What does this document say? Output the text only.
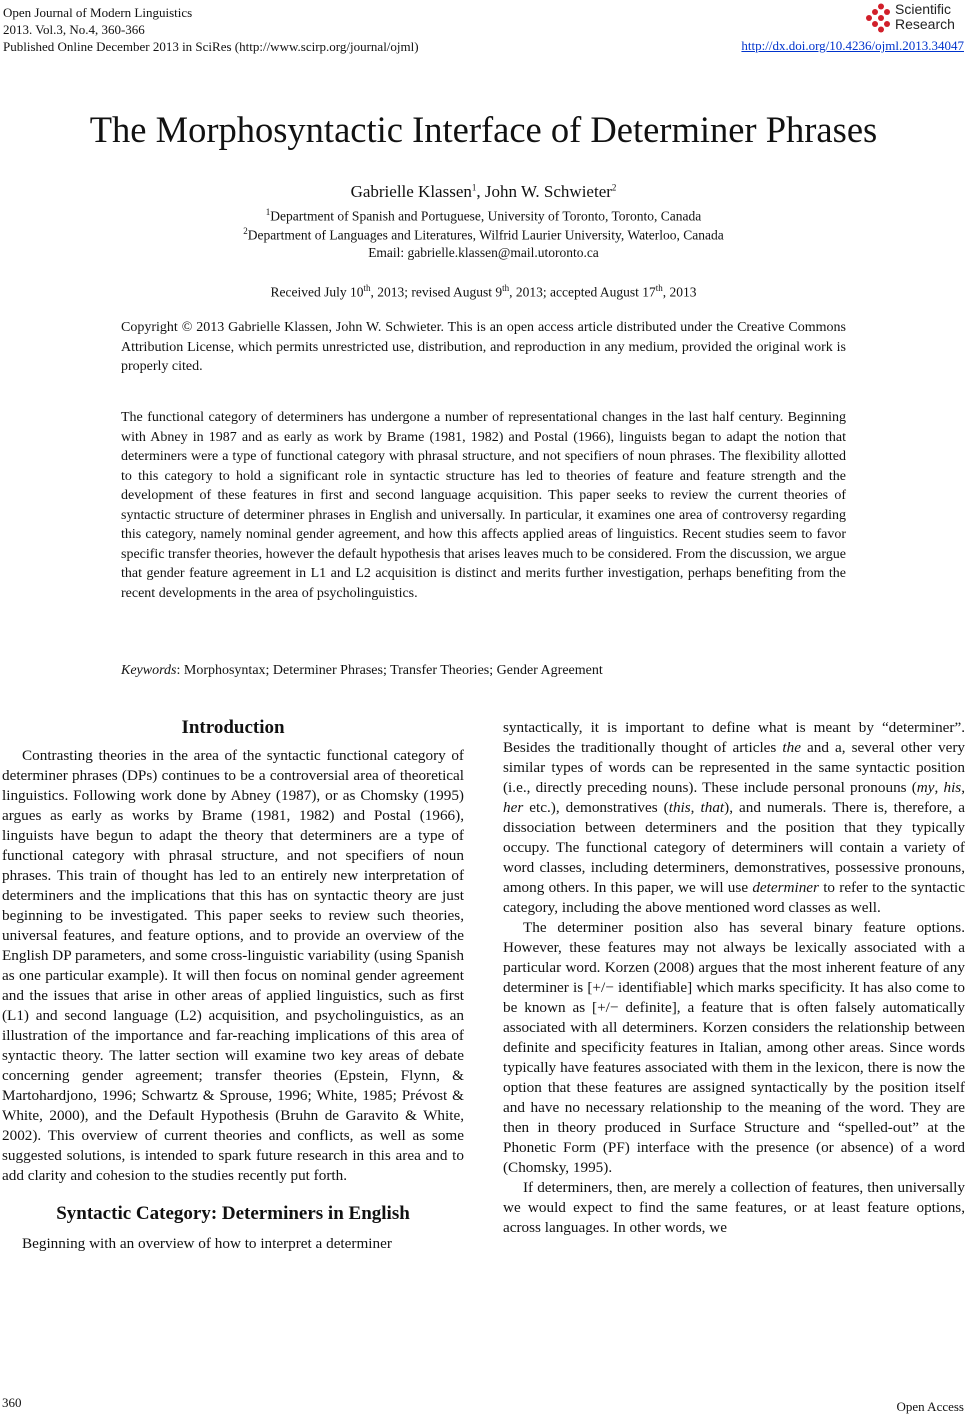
Open Journal of Modern Linguistics
2013. Vol.3, No.4, 360-366
Published Online December 2013 in SciRes (http://www.scirp.org/journal/ojml)	http://dx.doi.org/10.4236/ojml.2013.34047
Scientific
Research
The Morphosyntactic Interface of Determiner Phrases
Gabrielle Klassen$^1$, John W. Schwieter$^2$
$^1$Department of Spanish and Portuguese, University of Toronto, Toronto, Canada
$^2$Department of Languages and Literatures, Wilfrid Laurier University, Waterloo, Canada
Email: gabrielle.klassen@mail.utoronto.ca
Received July 10th, 2013; revised August 9th, 2013; accepted August 17th, 2013
Copyright © 2013 Gabrielle Klassen, John W. Schwieter. This is an open access article distributed under the Creative Commons Attribution License, which permits unrestricted use, distribution, and reproduction in any medium, provided the original work is properly cited.
The functional category of determiners has undergone a number of representational changes in the last half century. Beginning with Abney in 1987 and as early as work by Brame (1981, 1982) and Postal (1966), linguists began to adapt the notion that determiners were a type of functional category with phrasal structure, and not specifiers of noun phrases. The flexibility allotted to this category to hold a significant role in syntactic structure has led to theories of feature and feature strength and the development of these features in first and second language acquisition. This paper seeks to review the current theories of syntactic structure of determiner phrases in English and universally. In particular, it examines one area of controversy regarding this category, namely nominal gender agreement, and how this affects applied areas of linguistics. Recent studies seem to favor specific transfer theories, however the default hypothesis that arises leaves much to be considered. From the discussion, we argue that gender feature agreement in L1 and L2 acquisition is distinct and merits further investigation, perhaps benefiting from the recent developments in the area of psycholinguistics.
Keywords: Morphosyntax; Determiner Phrases; Transfer Theories; Gender Agreement
Introduction

Contrasting theories in the area of the syntactic functional category of determiner phrases (DPs) continues to be a controversial area of theoretical linguistics. Following work done by Abney (1987), or as Chomsky (1995) argues as early as works by Brame (1981, 1982) and Postal (1966), linguists have begun to adapt the theory that determiners are a type of functional category with phrasal structure, and not specifiers of noun phrases. This train of thought has led to an entirely new interpretation of determiners and the implications that this has on syntactic theory are just beginning to be investigated. This paper seeks to review such theories, universal features, and feature options, and to provide an overview of the English DP parameters, and some cross-linguistic variability (using Spanish as one particular example). It will then focus on nominal gender agreement and the issues that arise in other areas of applied linguistics, such as first (L1) and second language (L2) acquisition, and psycholinguistics, as an illustration of the importance and far-reaching implications of this area of syntactic theory. The latter section will examine two key areas of debate concerning gender agreement; transfer theories (Epstein, Flynn, & Martohardjono, 1996; Schwartz & Sprouse, 1996; White, 1985; Prévost & White, 2000), and the Default Hypothesis (Bruhn de Garavito & White, 2002). This overview of current theories and conflicts, as well as some suggested solutions, is intended to spark future research in this area and to add clarity and cohesion to the studies recently put forth.

Syntactic Category: Determiners in English

Beginning with an overview of how to interpret a determiner

syntactically, it is important to define what is meant by “determiner”. Besides the traditionally thought of articles the and a, several other very similar types of words can be represented in the same syntactic position (i.e., directly preceding nouns). These include personal pronouns (my, his, her etc.), demonstratives (this, that), and numerals. There is, therefore, a dissociation between determiners and the position that they typically occupy. The functional category of determiners will contain a variety of word classes, including determiners, demonstratives, possessive pronouns, among others. In this paper, we will use determiner to refer to the syntactic category, including the above mentioned word classes as well.

The determiner position also has several binary feature options. However, these features may not always be lexically associated with a particular word. Korzen (2008) argues that the most inherent feature of any determiner is [+/− identifiable] which marks specificity. It has also come to be known as [+/− definite], a feature that is often falsely automatically associated with all determiners. Korzen considers the relationship between definite and specificity features in Italian, among other areas. Since words typically have features associated with them in the lexicon, there is now the option that these features are assigned syntactically by the position itself and have no necessary relationship to the meaning of the word. They are then in theory produced in Surface Structure and “spelled-out” at the Phonetic Form (PF) interface with the presence (or absence) of a word (Chomsky, 1995).

If determiners, then, are merely a collection of features, then universally we would expect to find the same features, or at least feature options, across languages. In other words, we

360	Open Access
